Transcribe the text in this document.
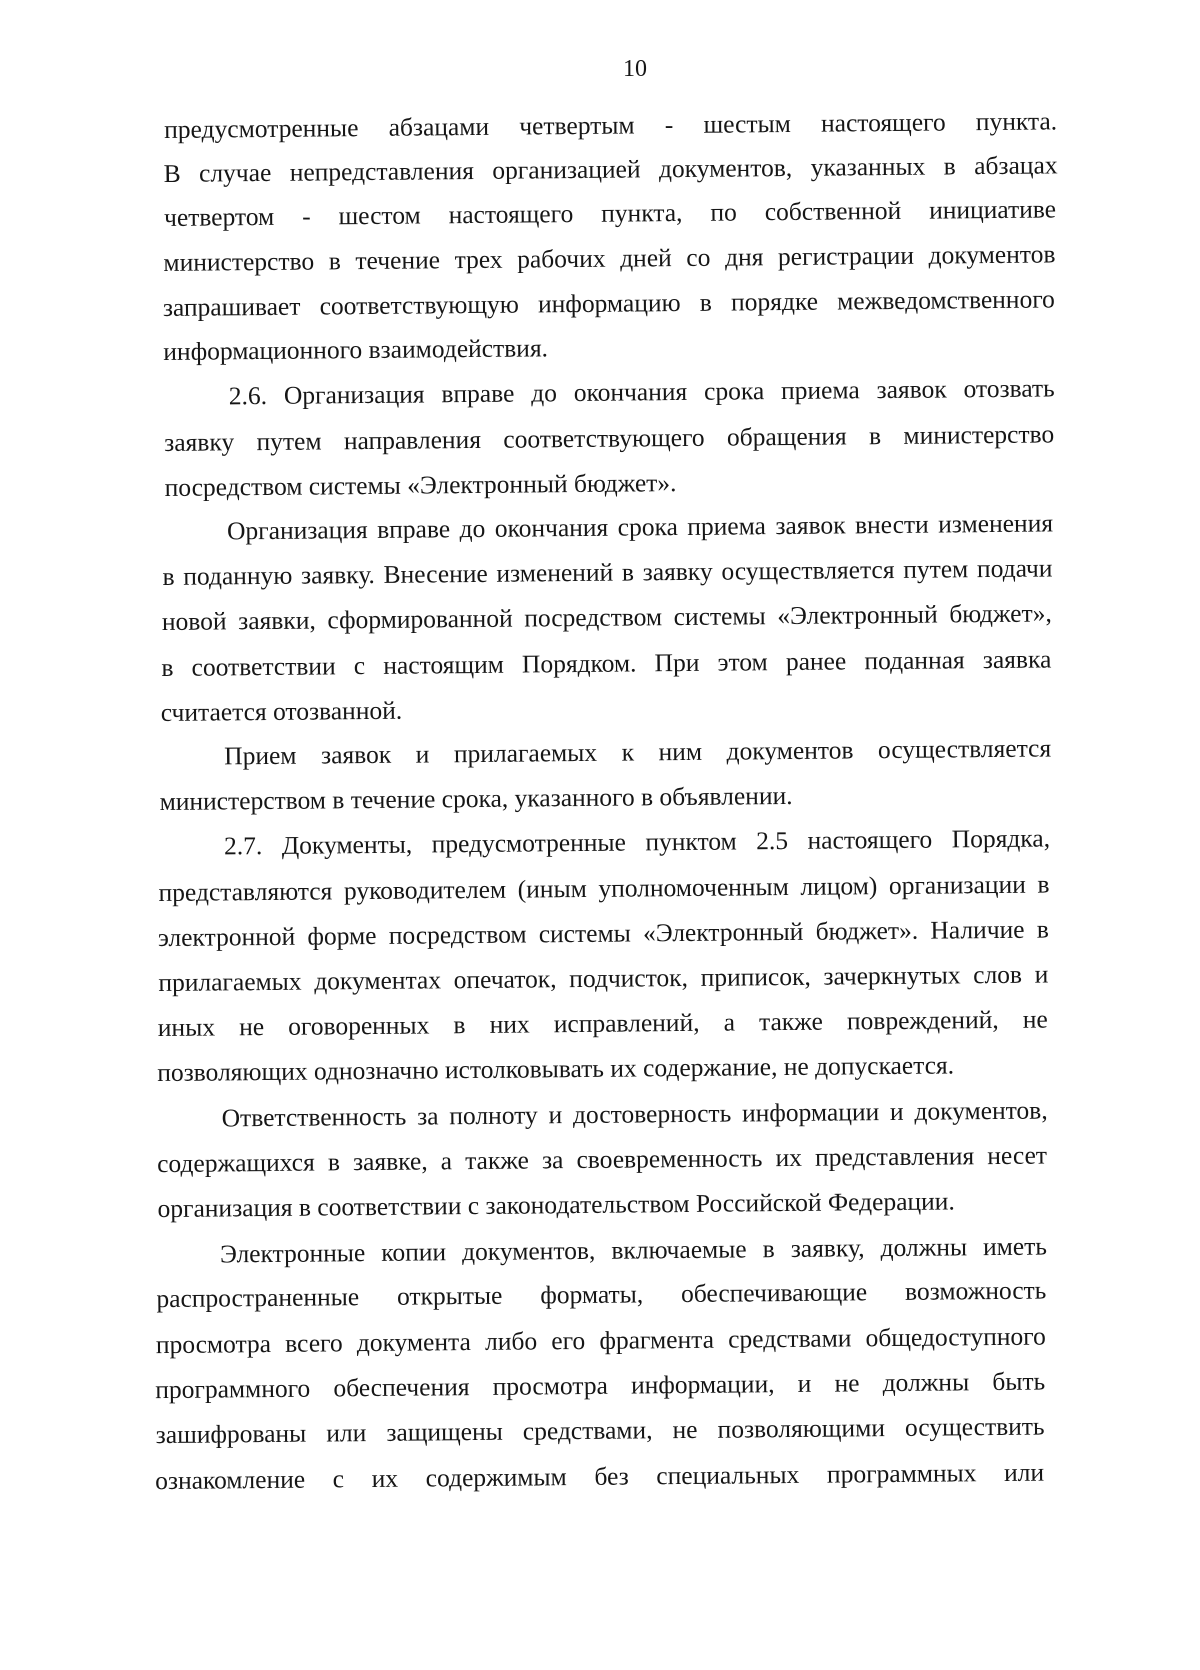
10
предусмотренные абзацами четвертым - шестым настоящего пункта.
В случае непредставления организацией документов, указанных в абзацах
четвертом - шестом настоящего пункта, по собственной инициативе
министерство в течение трех рабочих дней со дня регистрации документов
запрашивает соответствующую информацию в порядке межведомственного
информационного взаимодействия.
2.6. Организация вправе до окончания срока приема заявок отозвать
заявку путем направления соответствующего обращения в министерство
посредством системы «Электронный бюджет».
Организация вправе до окончания срока приема заявок внести изменения
в поданную заявку. Внесение изменений в заявку осуществляется путем подачи
новой заявки, сформированной посредством системы «Электронный бюджет»,
в соответствии с настоящим Порядком. При этом ранее поданная заявка
считается отозванной.
Прием заявок и прилагаемых к ним документов осуществляется
министерством в течение срока, указанного в объявлении.
2.7. Документы, предусмотренные пунктом 2.5 настоящего Порядка,
представляются руководителем (иным уполномоченным лицом) организации в
электронной форме посредством системы «Электронный бюджет». Наличие в
прилагаемых документах опечаток, подчисток, приписок, зачеркнутых слов и
иных не оговоренных в них исправлений, а также повреждений, не
позволяющих однозначно истолковывать их содержание, не допускается.
Ответственность за полноту и достоверность информации и документов,
содержащихся в заявке, а также за своевременность их представления несет
организация в соответствии с законодательством Российской Федерации.
Электронные копии документов, включаемые в заявку, должны иметь
распространенные открытые форматы, обеспечивающие возможность
просмотра всего документа либо его фрагмента средствами общедоступного
программного обеспечения просмотра информации, и не должны быть
зашифрованы или защищены средствами, не позволяющими осуществить
ознакомление с их содержимым без специальных программных или
